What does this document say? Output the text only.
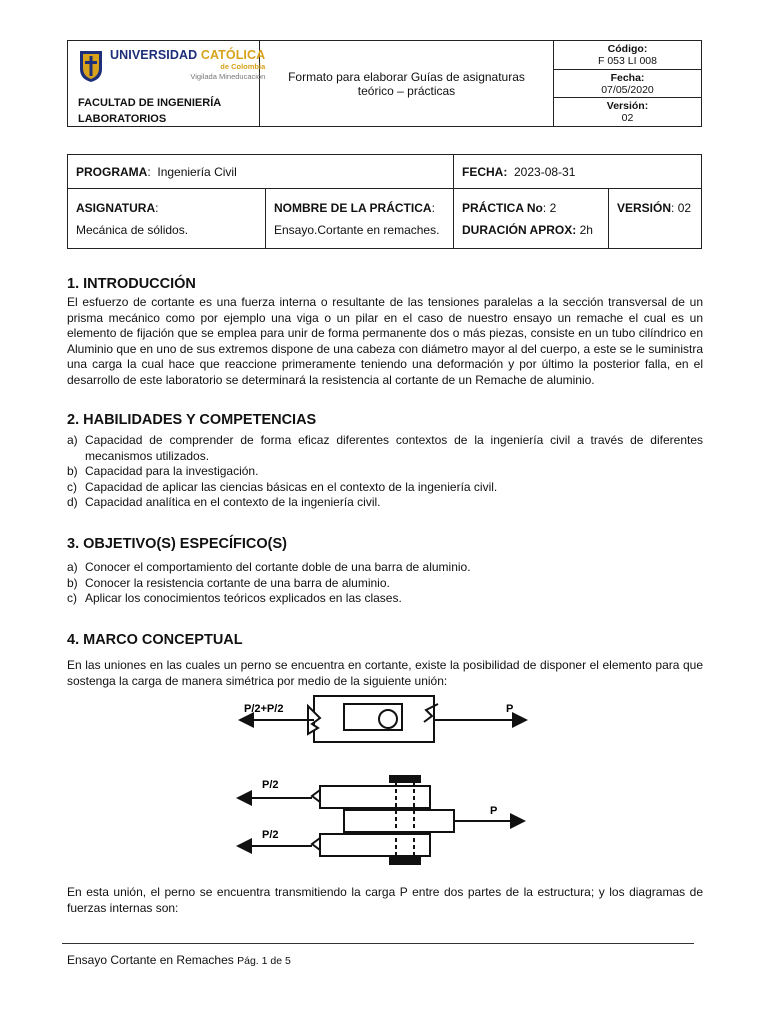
UNIVERSIDAD CATÓLICA
de Colombia
Vigilada Mineducación
FACULTAD DE INGENIERÍA
LABORATORIOS
Formato para elaborar Guías de asignaturas teórico – prácticas
Código:
F 053 LI 008
Fecha:
07/05/2020
Versión:
02
PROGRAMA : Ingeniería Civil	FECHA:
2023-08-31
ASIGNATURA:
Mecánica de sólidos.
NOMBRE DE LA PRÁCTICA:
Ensayo.Cortante en remaches.
PRÁCTICA No: 2
DURACIÓN APROX: 2h
VERSIÓN: 02
1. INTRODUCCIÓN

El esfuerzo de cortante es una fuerza interna o resultante de las tensiones paralelas a la sección transversal de un prisma mecánico como por ejemplo una viga o un pilar en el caso de nuestro ensayo un remache el cual es un elemento de fijación que se emplea para unir de forma permanente dos o más piezas, consiste en un tubo cilíndrico en Aluminio que en uno de sus extremos dispone de una cabeza con diámetro mayor al del cuerpo, a este se le suministra una carga la cual hace que reaccione primeramente teniendo una deformación y por último la posterior falla, en el desarrollo de este laboratorio se determinará la resistencia al cortante de un Remache de aluminio.

2. HABILIDADES Y COMPETENCIAS
a) Capacidad de comprender de forma eficaz diferentes contextos de la ingeniería civil a través de diferentes mecanismos utilizados.
b) Capacidad para la investigación.
c) Capacidad de aplicar las ciencias básicas en el contexto de la ingeniería civil.
d) Capacidad analítica en el contexto de la ingeniería civil.
3. OBJETIVO(S) ESPECÍFICO(S)
a) Conocer el comportamiento del cortante doble de una barra de aluminio.
b) Conocer la resistencia cortante de una barra de aluminio.
c) Aplicar los conocimientos teóricos explicados en las clases.
4. MARCO CONCEPTUAL

En las uniones en las cuales un perno se encuentra en cortante, existe la posibilidad de disponer el elemento para que sostenga la carga de manera simétrica por medio de la siguiente unión:

P/2+P/2	P
P/2
P
P/2

En esta unión, el perno se encuentra transmitiendo la carga P entre dos partes de la estructura; y los diagramas de fuerzas internas son:

Ensayo Cortante en Remaches Pág. 1 de 5
